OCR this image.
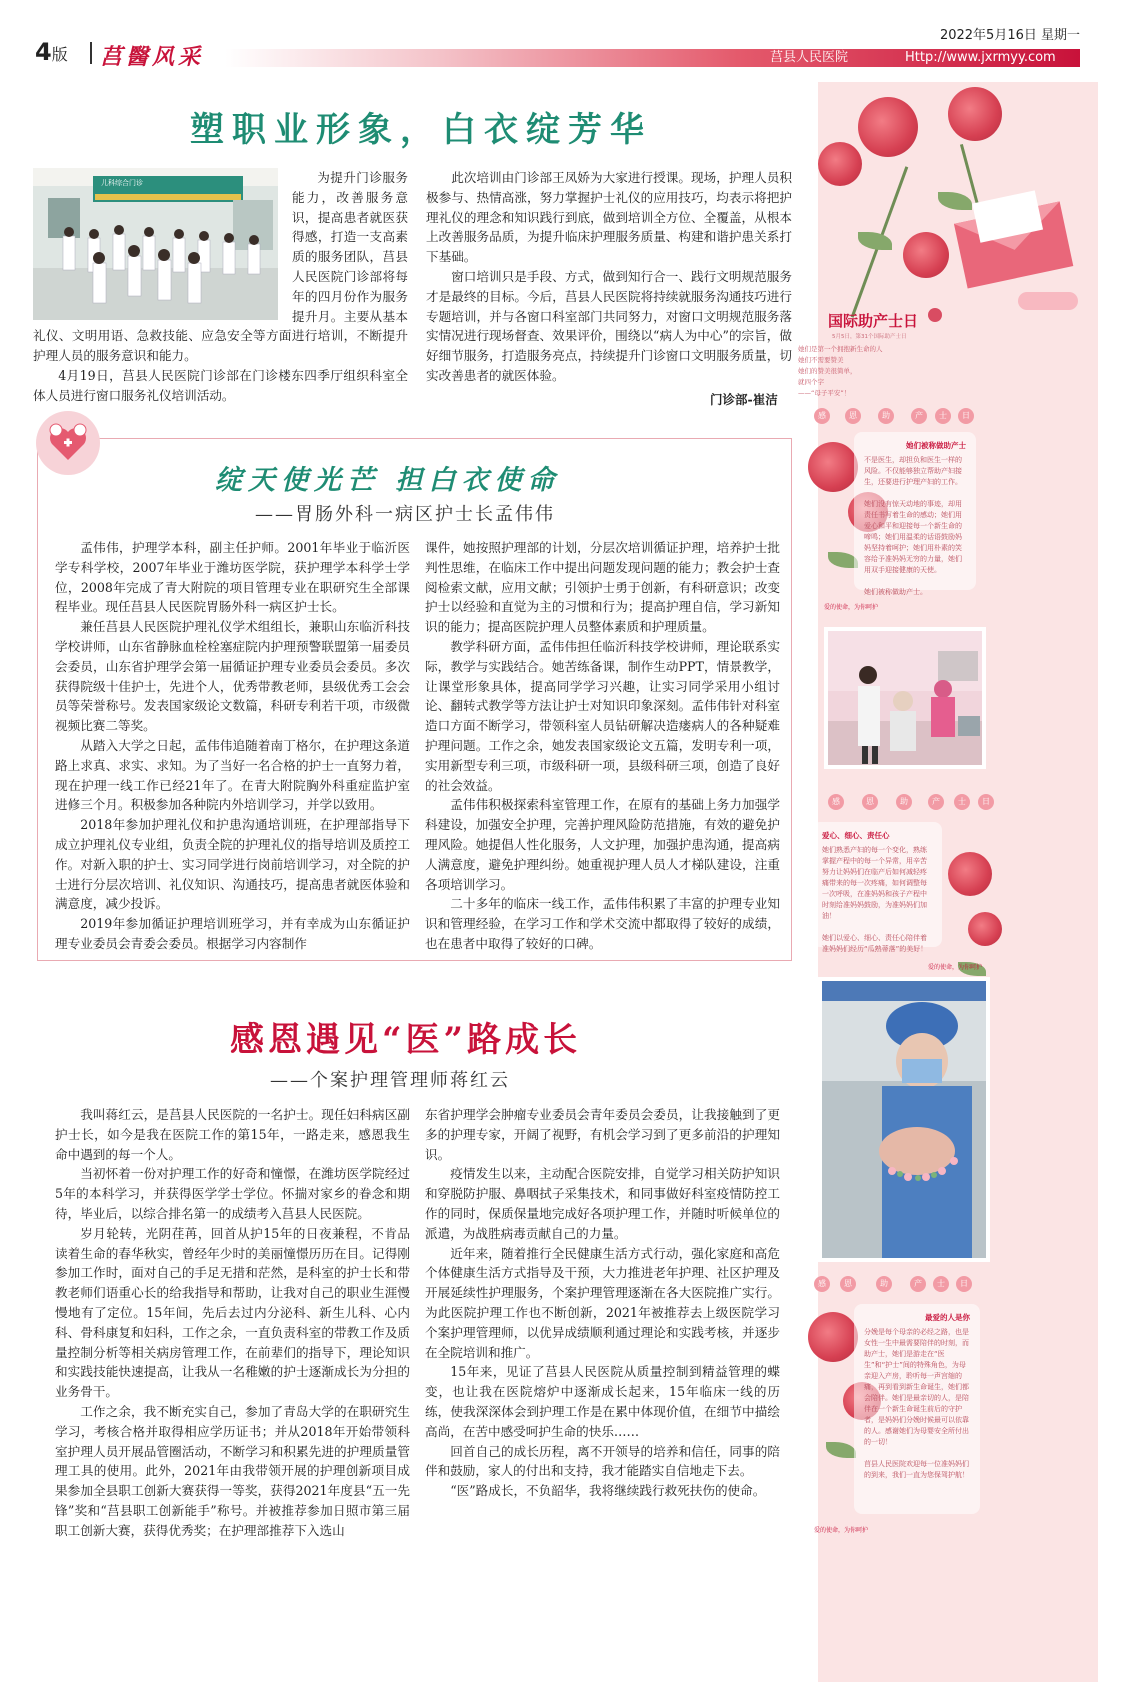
2022年5月16日 星期一
4版 莒醫风采	莒县人民医院	Http://www.jxrmyy.com
塑职业形象，白衣绽芳华

为提升门诊服务能力，改善服务意识，提高患者就医获得感，打造一支高素质的服务团队，莒县人民医院门诊部将每年的四月份作为服务提升月。主要从基本礼仪、文明用语、急救技能、应急安全等方面进行培训，不断提升护理人员的服务意识和能力。

4月19日，莒县人民医院门诊部在门诊楼东四季厅组织科室全体人员进行窗口服务礼仪培训活动。

儿科综合门诊	此次培训由门诊部王凤娇为大家进行授课。现场，护理人员积极参与、热情高涨，努力掌握护士礼仪的应用技巧，均表示将把护理礼仪的理念和知识践行到底，做到培训全方位、全覆盖，从根本上改善服务品质，为提升临床护理服务质量、构建和谐护患关系打下基础。

窗口培训只是手段、方式，做到知行合一、践行文明规范服务才是最终的目标。今后，莒县人民医院将持续就服务沟通技巧进行专题培训，并与各窗口科室部门共同努力，对窗口文明规范服务落实情况进行现场督查、效果评价，围绕以“病人为中心”的宗旨，做好细节服务，打造服务亮点，持续提升门诊窗口文明服务质量，切实改善患者的就医体验。

门诊部-崔洁
绽天使光芒 担白衣使命
——胃肠外科一病区护士长孟伟伟

孟伟伟，护理学本科，副主任护师。2001年毕业于临沂医学专科学校，2007年毕业于潍坊医学院，获护理学本科学士学位，2008年完成了青大附院的项目管理专业在职研究生全部课程毕业。现任莒县人民医院胃肠外科一病区护士长。

兼任莒县人民医院护理礼仪学术组组长，兼职山东临沂科技学校讲师，山东省静脉血栓栓塞症院内护理预警联盟第一届委员会委员，山东省护理学会第一届循证护理专业委员会委员。多次获得院级十佳护士，先进个人，优秀带教老师，县级优秀工会会员等荣誉称号。发表国家级论文数篇，科研专利若干项，市级微视频比赛二等奖。

从踏入大学之日起，孟伟伟追随着南丁格尔，在护理这条道路上求真、求实、求知。为了当好一名合格的护士一直努力着，现在护理一线工作已经21年了。在青大附院胸外科重症监护室进修三个月。积极参加各种院内外培训学习，并学以致用。

2018年参加护理礼仪和护患沟通培训班，在护理部指导下成立护理礼仪专业组，负责全院的护理礼仪的指导培训及质控工作。对新入职的护士、实习同学进行岗前培训学习，对全院的护士进行分层次培训、礼仪知识、沟通技巧，提高患者就医体验和满意度，减少投诉。

2019年参加循证护理培训班学习，并有幸成为山东循证护理专业委员会青委会委员。根据学习内容制作

课件，她按照护理部的计划，分层次培训循证护理，培养护士批判性思维，在临床工作中提出问题发现问题的能力；教会护士查阅检索文献，应用文献；引领护士勇于创新，有科研意识；改变护士以经验和直觉为主的习惯和行为；提高护理自信，学习新知识的能力；提高医院护理人员整体素质和护理质量。

教学科研方面，孟伟伟担任临沂科技学校讲师，理论联系实际，教学与实践结合。她苦练备课，制作生动PPT，情景教学，让课堂形象具体，提高同学学习兴趣，让实习同学采用小组讨论、翻转式教学等方法让护士对知识印象深刻。孟伟伟针对科室造口方面不断学习，带领科室人员钻研解决造瘘病人的各种疑难护理问题。工作之余，她发表国家级论文五篇，发明专利一项，实用新型专利三项，市级科研一项，县级科研三项，创造了良好的社会效益。

孟伟伟积极探索科室管理工作，在原有的基础上务力加强学科建设，加强安全护理，完善护理风险防范措施，有效的避免护理风险。她提倡人性化服务，人文护理，加强护患沟通，提高病人满意度，避免护理纠纷。她重视护理人员人才梯队建设，注重各项培训学习。

二十多年的临床一线工作，孟伟伟积累了丰富的护理专业知识和管理经验，在学习工作和学术交流中都取得了较好的成绩，也在患者中取得了较好的口碑。

感恩遇见“医”路成长
——个案护理管理师蒋红云

我叫蒋红云，是莒县人民医院的一名护士。现任妇科病区副护士长，如今是我在医院工作的第15年，一路走来，感恩我生命中遇到的每一个人。

当初怀着一份对护理工作的好奇和憧憬，在潍坊医学院经过5年的本科学习，并获得医学学士学位。怀揣对家乡的眷念和期待，毕业后，以综合排名第一的成绩考入莒县人民医院。

岁月轮转，光阴荏苒，回首从护15年的日夜兼程，不肯品读着生命的春华秋实，曾经年少时的美丽憧憬历历在目。记得刚参加工作时，面对自己的手足无措和茫然，是科室的护士长和带教老师们语重心长的给我指导和帮助，让我对自己的职业生涯慢慢地有了定位。15年间，先后去过内分泌科、新生儿科、心内科、骨科康复和妇科，工作之余，一直负责科室的带教工作及质量控制分析等相关病房管理工作，在前辈们的指导下，理论知识和实践技能快速提高，让我从一名稚嫩的护士逐渐成长为分担的业务骨干。

工作之余，我不断充实自己，参加了青岛大学的在职研究生学习，考核合格并取得相应学历证书；并从2018年开始带领科室护理人员开展品管圈活动，不断学习和积累先进的护理质量管理工具的使用。此外，2021年由我带领开展的护理创新项目成果参加全县职工创新大赛获得一等奖，获得2021年度县“五一先锋”奖和“莒县职工创新能手”称号。并被推荐参加日照市第三届职工创新大赛，获得优秀奖；在护理部推荐下入选山

东省护理学会肿瘤专业委员会青年委员会委员，让我接触到了更多的护理专家，开阔了视野，有机会学习到了更多前沿的护理知识。

疫情发生以来，主动配合医院安排，自觉学习相关防护知识和穿脱防护服、鼻咽拭子采集技术，和同事做好科室疫情防控工作的同时，保质保量地完成好各项护理工作，并随时听候单位的派遣，为战胜病毒贡献自己的力量。

近年来，随着推行全民健康生活方式行动，强化家庭和高危个体健康生活方式指导及干预，大力推进老年护理、社区护理及开展延续性护理服务，个案护理管理逐渐在各大医院推广实行。为此医院护理工作也不断创新，2021年被推荐去上级医院学习个案护理管理师，以优异成绩顺利通过理论和实践考核，并逐步在全院培训和推广。

15年来，见证了莒县人民医院从质量控制到精益管理的蝶变，也让我在医院熔炉中逐渐成长起来，15年临床一线的历练，使我深深体会到护理工作是在累中体现价值，在细节中描绘高尚，在苦中感受呵护生命的快乐……

回首自己的成长历程，离不开领导的培养和信任，同事的陪伴和鼓励，家人的付出和支持，我才能踏实自信地走下去。

“医”路成长，不负韶华，我将继续践行救死扶伤的使命。

国际助产士日
5月5日，第31个国际助产士日
她们是第一个拥抱新生命的人
她们不需要赞美
她们的赞美很简单，
就四个字
——“母子平安”！
感	恩	助	产	士	日
她们被称做助产士
不是医生，却担负和医生一样的风险。不仅能够独立帮助产妇接生，还要进行护理产妇的工作。

她们没有惊天动地的事迹，却用责任书写着生命的感动；她们用爱心和平和迎接每一个新生命的啼鸣；她们用温柔的话语鼓励妈妈坚持着呵护；她们用朴素的笑容给予准妈妈无穷的力量，她们用双手迎接健康的天使。

她们被称做助产士。
爱的使命，为你呵护
感	恩	助	产	士	日
爱心、细心、责任心
她们熟悉产妇的每一个变化，熟练掌握产程中的每一个异常，用辛苦努力让妈妈们在临产后如何减轻疼痛带来的每一次疼痛，如何调整每一次呼吸，在准妈妈和孩子产程中时刻给准妈妈鼓励，为准妈妈们加油！

她们以爱心、细心、责任心陪伴着准妈妈们经历“瓜熟蒂落”的美好！
爱的使命，为你呵护
感	恩	助	产	士	日
最爱的人是你
分娩是每个母亲的必经之路，也是女性一生中最需要陪伴的时刻，而助产士，她们是游走在“医生”和“护士”间的特殊角色，为母亲迎入产房，聆听每一声宫缩的痛，再到看到新生命诞生，她们都会陪伴。她们是最亲切的人，是陪伴在一个新生命诞生前后的守护者，是妈妈们分娩时候最可以依靠的人。感谢她们为母婴安全所付出的一切！

莒县人民医院欢迎每一位准妈妈们的到来，我们一直为您保驾护航！
爱的使命，为你呵护
